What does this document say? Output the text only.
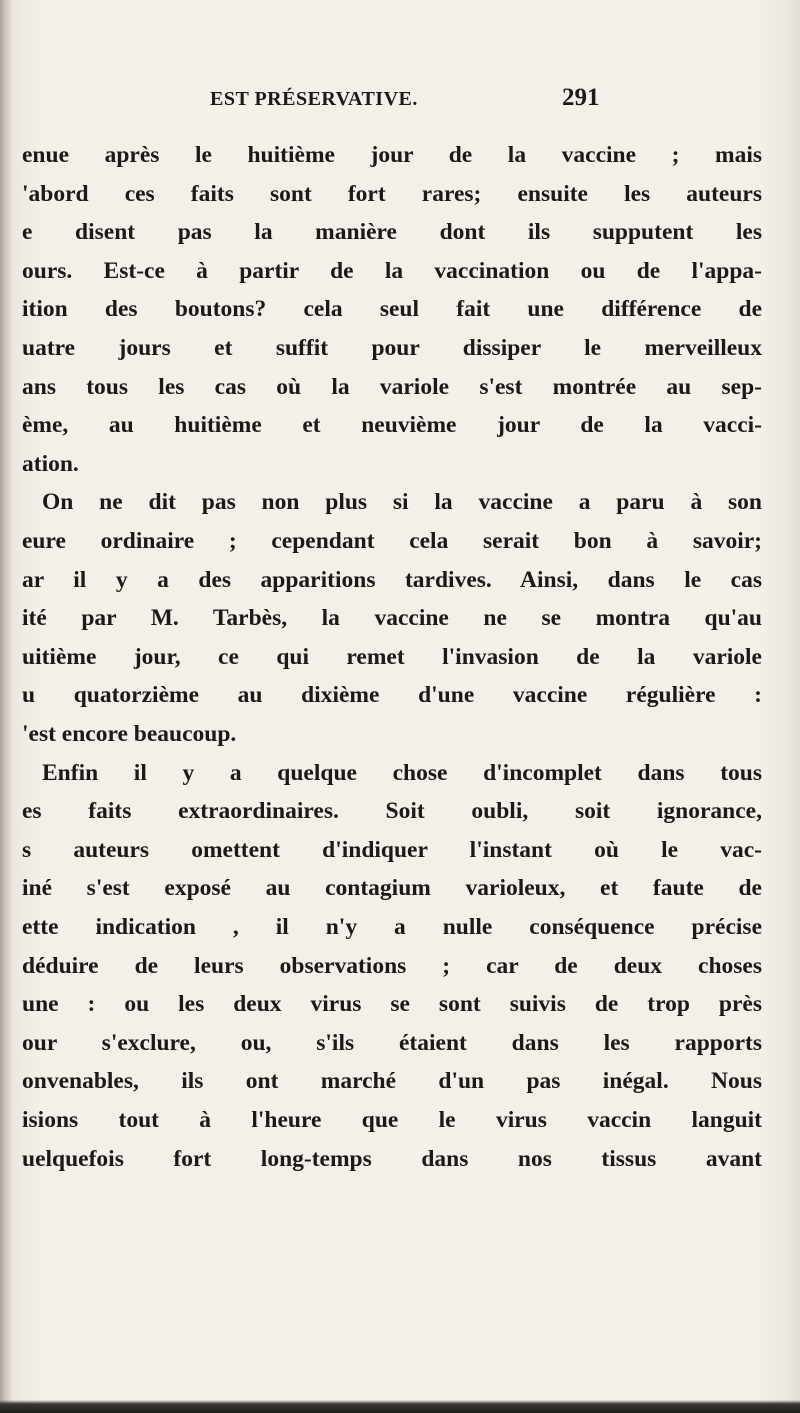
EST PRÉSERVATIVE.	291
enue après le huitième jour de la vaccine ; mais
'abord ces faits sont fort rares; ensuite les auteurs
e disent pas la manière dont ils supputent les
ours. Est-ce à partir de la vaccination ou de l'appa-
ition des boutons? cela seul fait une différence de
uatre jours et suffit pour dissiper le merveilleux
ans tous les cas où la variole s'est montrée au sep-
ème, au huitième et neuvième jour de la vacci-
ation.
On ne dit pas non plus si la vaccine a paru à son
eure ordinaire ; cependant cela serait bon à savoir;
ar il y a des apparitions tardives. Ainsi, dans le cas
ité par M. Tarbès, la vaccine ne se montra qu'au
uitième jour, ce qui remet l'invasion de la variole
u quatorzième au dixième d'une vaccine régulière :
'est encore beaucoup.
Enfin il y a quelque chose d'incomplet dans tous
es faits extraordinaires. Soit oubli, soit ignorance,
s auteurs omettent d'indiquer l'instant où le vac-
iné s'est exposé au contagium varioleux, et faute de
ette indication , il n'y a nulle conséquence précise
déduire de leurs observations ; car de deux choses
une : ou les deux virus se sont suivis de trop près
our s'exclure, ou, s'ils étaient dans les rapports
onvenables, ils ont marché d'un pas inégal. Nous
isions tout à l'heure que le virus vaccin languit
uelquefois fort long-temps dans nos tissus avant
